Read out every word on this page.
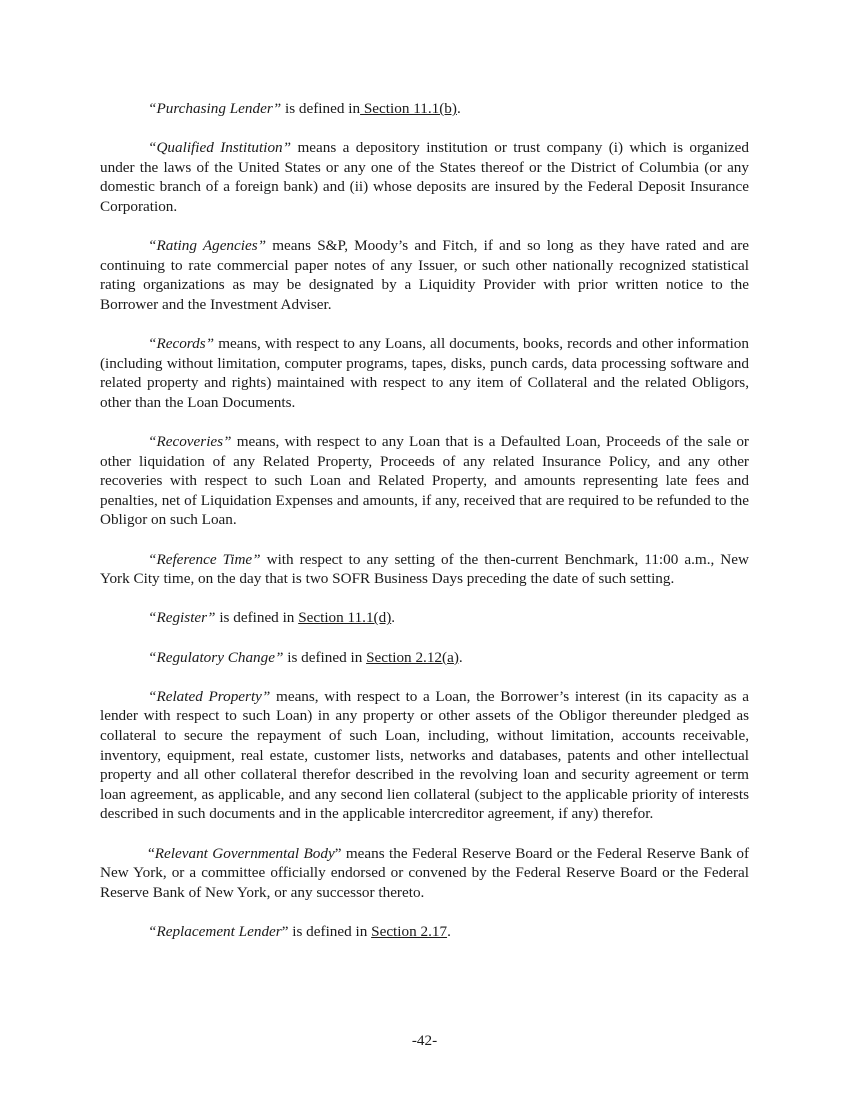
“Purchasing Lender” is defined in Section 11.1(b).

“Qualified Institution” means a depository institution or trust company (i) which is organized under the laws of the United States or any one of the States thereof or the District of Columbia (or any domestic branch of a foreign bank) and (ii) whose deposits are insured by the Federal Deposit Insurance Corporation.

“Rating Agencies” means S&P, Moody’s and Fitch, if and so long as they have rated and are continuing to rate commercial paper notes of any Issuer, or such other nationally recognized statistical rating organizations as may be designated by a Liquidity Provider with prior written notice to the Borrower and the Investment Adviser.

“Records” means, with respect to any Loans, all documents, books, records and other information (including without limitation, computer programs, tapes, disks, punch cards, data processing software and related property and rights) maintained with respect to any item of Collateral and the related Obligors, other than the Loan Documents.

“Recoveries” means, with respect to any Loan that is a Defaulted Loan, Proceeds of the sale or other liquidation of any Related Property, Proceeds of any related Insurance Policy, and any other recoveries with respect to such Loan and Related Property, and amounts representing late fees and penalties, net of Liquidation Expenses and amounts, if any, received that are required to be refunded to the Obligor on such Loan.

“Reference Time” with respect to any setting of the then-current Benchmark, 11:00 a.m., New York City time, on the day that is two SOFR Business Days preceding the date of such setting.

“Register” is defined in Section 11.1(d).

“Regulatory Change” is defined in Section 2.12(a).

“Related Property” means, with respect to a Loan, the Borrower’s interest (in its capacity as a lender with respect to such Loan) in any property or other assets of the Obligor thereunder pledged as collateral to secure the repayment of such Loan, including, without limitation, accounts receivable, inventory, equipment, real estate, customer lists, networks and databases, patents and other intellectual property and all other collateral therefor described in the revolving loan and security agreement or term loan agreement, as applicable, and any second lien collateral (subject to the applicable priority of interests described in such documents and in the applicable intercreditor agreement, if any) therefor.

“Relevant Governmental Body” means the Federal Reserve Board or the Federal Reserve Bank of New York, or a committee officially endorsed or convened by the Federal Reserve Board or the Federal Reserve Bank of New York, or any successor thereto.

“Replacement Lender” is defined in Section 2.17.

-42-
